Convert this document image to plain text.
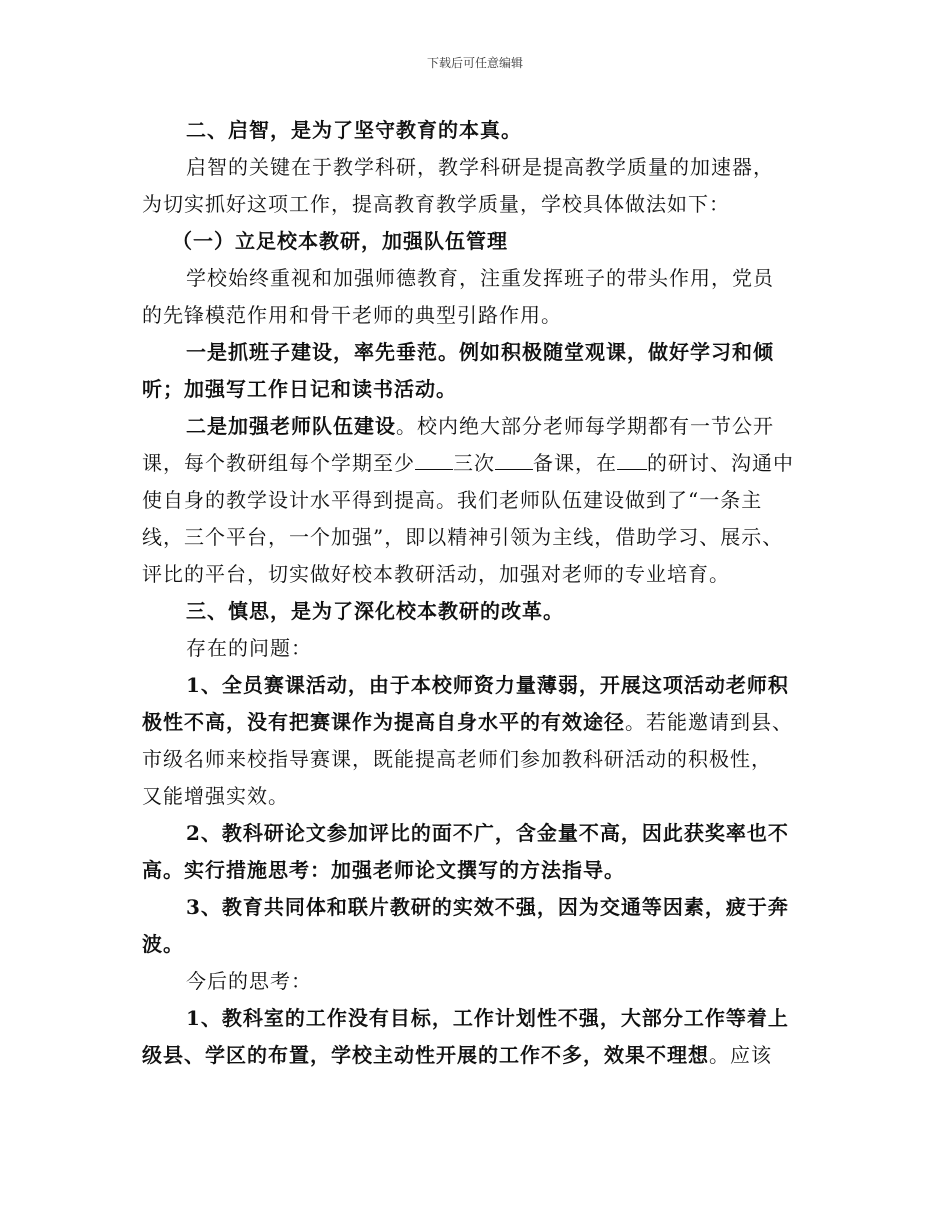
下载后可任意编辑
二、启智，是为了坚守教育的本真。
启智的关键在于教学科研，教学科研是提高教学质量的加速器，
为切实抓好这项工作，提高教育教学质量，学校具体做法如下：
（一）立足校本教研，加强队伍管理
学校始终重视和加强师德教育，注重发挥班子的带头作用，党员
的先锋模范作用和骨干老师的典型引路作用。
一是抓班子建设，率先垂范。例如积极随堂观课，做好学习和倾
听；加强写工作日记和读书活动。
二是加强老师队伍建设。校内绝大部分老师每学期都有一节公开
课，每个教研组每个学期至少 三次 备课，在 的研讨、沟通中
使自身的教学设计水平得到提高。我们老师队伍建设做到了“一条主
线，三个平台，一个加强”，即以精神引领为主线，借助学习、展示、
评比的平台，切实做好校本教研活动，加强对老师的专业培育。
三、慎思，是为了深化校本教研的改革。
存在的问题：
1、全员赛课活动，由于本校师资力量薄弱，开展这项活动老师积
极性不高，没有把赛课作为提高自身水平的有效途径。若能邀请到县、
市级名师来校指导赛课，既能提高老师们参加教科研活动的积极性，
又能增强实效。
2、教科研论文参加评比的面不广，含金量不高，因此获奖率也不
高。实行措施思考：加强老师论文撰写的方法指导。
3、教育共同体和联片教研的实效不强，因为交通等因素，疲于奔
波。
今后的思考：
1、教科室的工作没有目标，工作计划性不强，大部分工作等着上
级县、学区的布置，学校主动性开展的工作不多，效果不理想。应该
